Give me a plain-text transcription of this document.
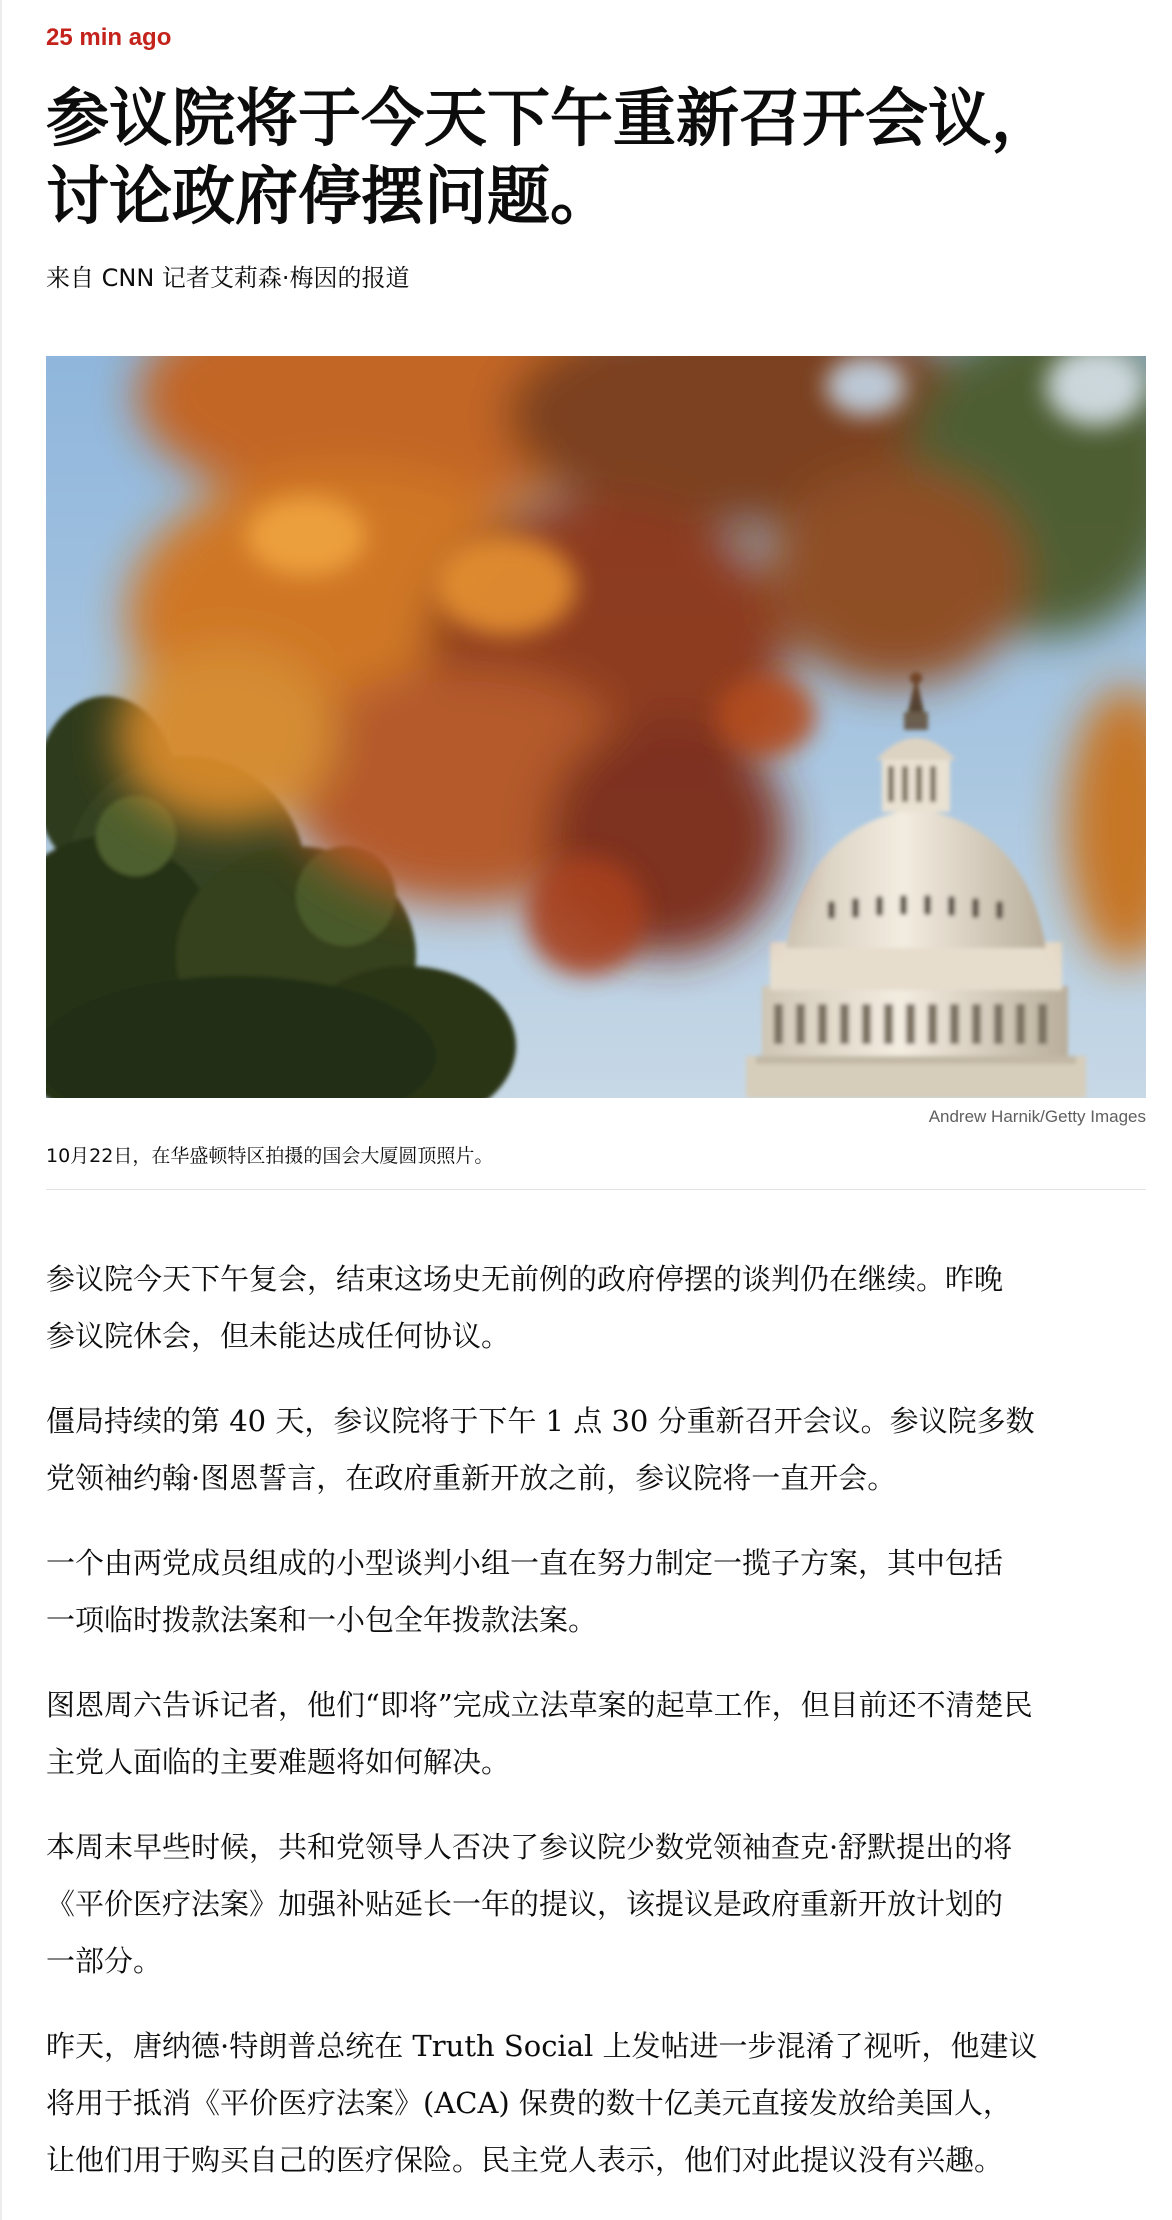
25 min ago
参议院将于今天下午重新召开会议，
讨论政府停摆问题。
来自 CNN 记者艾莉森·梅因的报道
Andrew Harnik/Getty Images
10月22日，在华盛顿特区拍摄的国会大厦圆顶照片。

参议院今天下午复会，结束这场史无前例的政府停摆的谈判仍在继续。昨晚
参议院休会，但未能达成任何协议。

僵局持续的第 40 天，参议院将于下午 1 点 30 分重新召开会议。参议院多数
党领袖约翰·图恩誓言，在政府重新开放之前，参议院将一直开会。

一个由两党成员组成的小型谈判小组一直在努力制定一揽子方案，其中包括
一项临时拨款法案和一小包全年拨款法案。

图恩周六告诉记者，他们“即将”完成立法草案的起草工作，但目前还不清楚民
主党人面临的主要难题将如何解决。

本周末早些时候，共和党领导人否决了参议院少数党领袖查克·舒默提出的将
《平价医疗法案》加强补贴延长一年的提议，该提议是政府重新开放计划的
一部分。

昨天，唐纳德·特朗普总统在 Truth Social 上发帖进一步混淆了视听，他建议
将用于抵消《平价医疗法案》(ACA) 保费的数十亿美元直接发放给美国人，
让他们用于购买自己的医疗保险。民主党人表示，他们对此提议没有兴趣。
